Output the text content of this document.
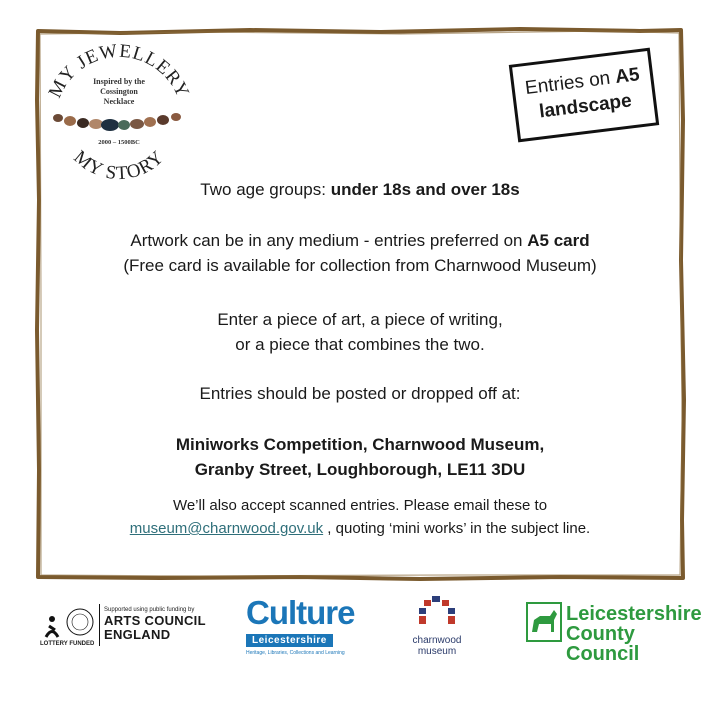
MY JEWELLERY
MY STORY
Inspired by the
Cossington
Necklace
2000 – 1500BC
Entries on A5
landscape
Two age groups: under 18s and over 18s
Artwork can be in any medium - entries preferred on A5 card
(Free card is available for collection from Charnwood Museum)
Enter a piece of art, a piece of writing,
or a piece that combines the two.
Entries should be posted or dropped off at:
Miniworks Competition, Charnwood Museum,
Granby Street, Loughborough, LE11 3DU
We’ll also accept scanned entries. Please email these to
museum@charnwood.gov.uk , quoting ‘mini works’ in the subject line.
LOTTERY FUNDED
Supported using public funding by
ARTS COUNCIL
ENGLAND
Culture
Leicestershire
Heritage, Libraries, Collections and Learning
charnwood
museum
Leicestershire
County Council
